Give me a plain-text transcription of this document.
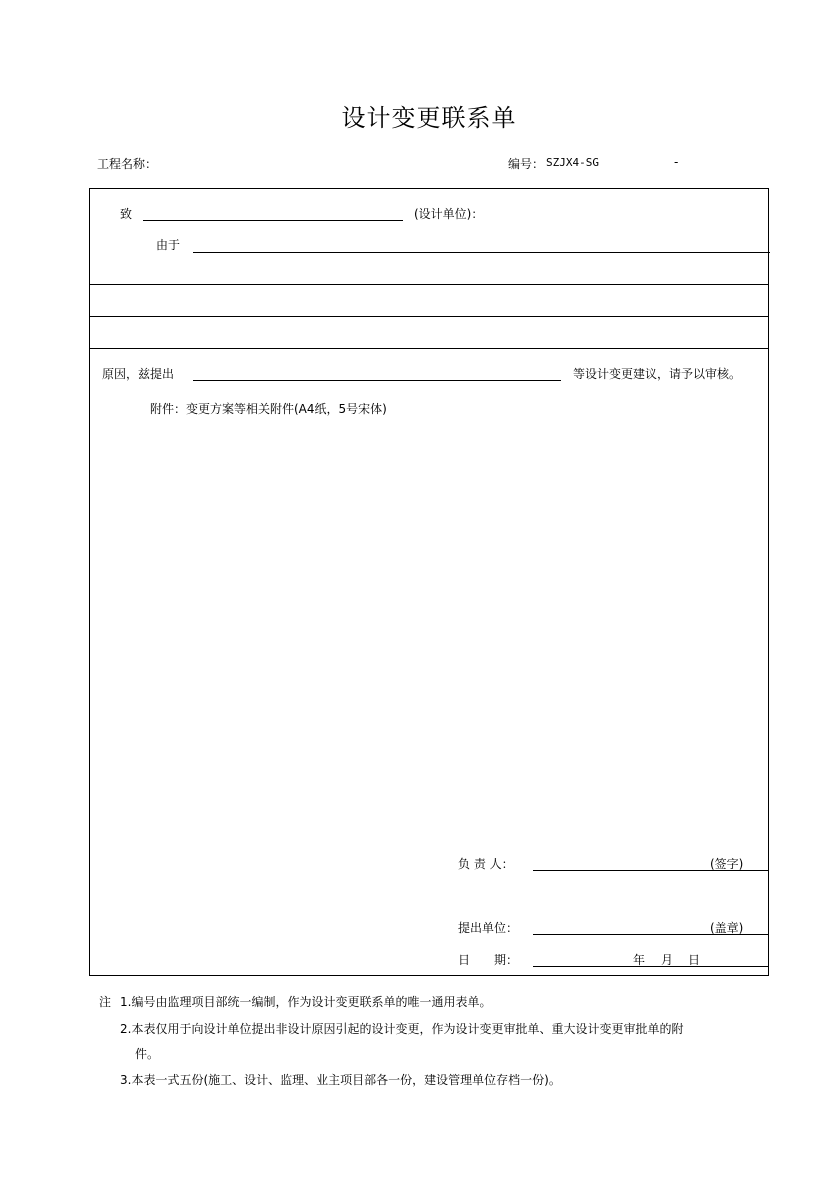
设计变更联系单
工程名称：	编号： SZJX4-SG	-
致	(设计单位)：
由于
原因，兹提出	等设计变更建议，请予以审核。
附件：变更方案等相关附件(A4纸，5号宋体)
负 责 人：	(签字)
提出单位：	(盖章)
日　　期：	年 月 日
注 1.编号由监理项目部统一编制，作为设计变更联系单的唯一通用表单。
2.本表仅用于向设计单位提出非设计原因引起的设计变更，作为设计变更审批单、重大设计变更审批单的附
件。
3.本表一式五份(施工、设计、监理、业主项目部各一份，建设管理单位存档一份)。
